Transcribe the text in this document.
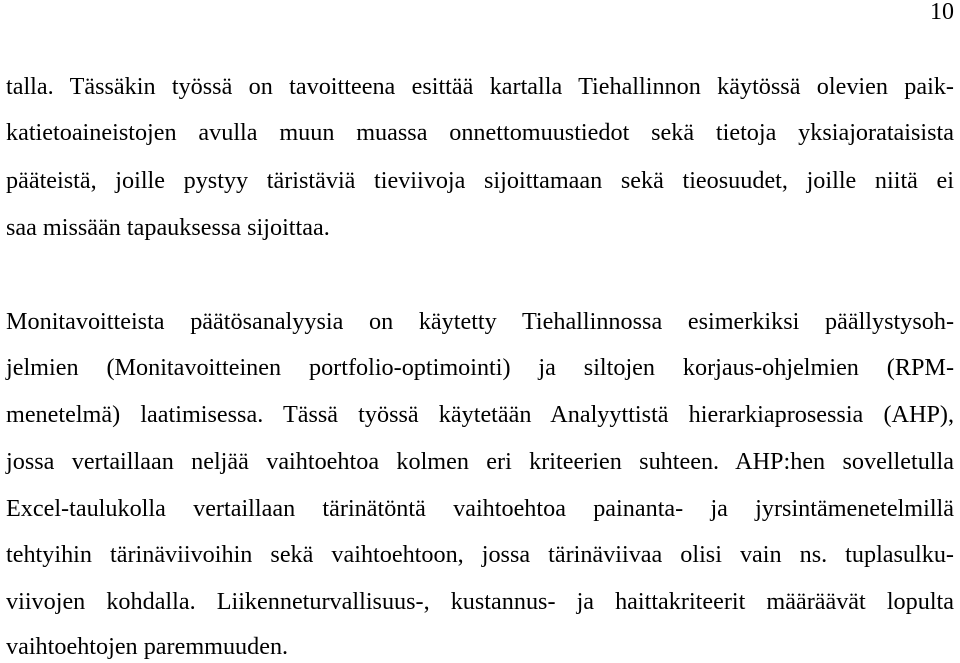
10
talla. Tässäkin työssä on tavoitteena esittää kartalla Tiehallinnon käytössä olevien paik-
katietoaineistojen avulla muun muassa onnettomuustiedot sekä tietoja yksiajorataisista
pääteistä, joille pystyy täristäviä tieviivoja sijoittamaan sekä tieosuudet, joille niitä ei
saa missään tapauksessa sijoittaa.
Monitavoitteista päätösanalyysia on käytetty Tiehallinnossa esimerkiksi päällystysoh-
jelmien (Monitavoitteinen portfolio-optimointi) ja siltojen korjaus-ohjelmien (RPM-
menetelmä) laatimisessa. Tässä työssä käytetään Analyyttistä hierarkiaprosessia (AHP),
jossa vertaillaan neljää vaihtoehtoa kolmen eri kriteerien suhteen. AHP:hen sovelletulla
Excel-taulukolla vertaillaan tärinätöntä vaihtoehtoa painanta- ja jyrsintämenetelmillä
tehtyihin tärinäviivoihin sekä vaihtoehtoon, jossa tärinäviivaa olisi vain ns. tuplasulku-
viivojen kohdalla. Liikenneturvallisuus-, kustannus- ja haittakriteerit määräävät lopulta
vaihtoehtojen paremmuuden.
